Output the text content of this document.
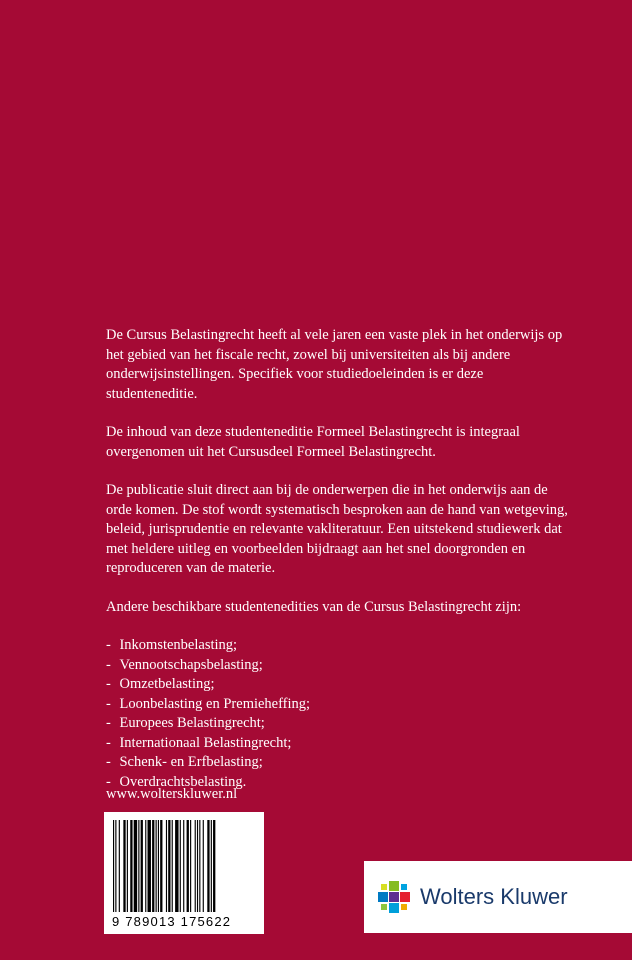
De Cursus Belastingrecht heeft al vele jaren een vaste plek in het onderwijs op het gebied van het fiscale recht, zowel bij universiteiten als bij andere onderwijsinstellingen. Specifiek voor studiedoeleinden is er deze studenteneditie.

De inhoud van deze studenteneditie Formeel Belastingrecht is integraal overgenomen uit het Cursusdeel Formeel Belastingrecht.

De publicatie sluit direct aan bij de onderwerpen die in het onderwijs aan de orde komen. De stof wordt systematisch besproken aan de hand van wetgeving, beleid, jurisprudentie en relevante vakliteratuur. Een uitstekend studiewerk dat met heldere uitleg en voorbeelden bijdraagt aan het snel doorgronden en reproduceren van de materie.

Andere beschikbare studentenedities van de Cursus Belastingrecht zijn:

- Inkomstenbelasting;
- Vennootschapsbelasting;
- Omzetbelasting;
- Loonbelasting en Premieheffing;
- Europees Belastingrecht;
- Internationaal Belastingrecht;
- Schenk- en Erfbelasting;
- Overdrachtsbelasting.
www.wolterskluwer.nl
9 789013 175622
Wolters Kluwer
